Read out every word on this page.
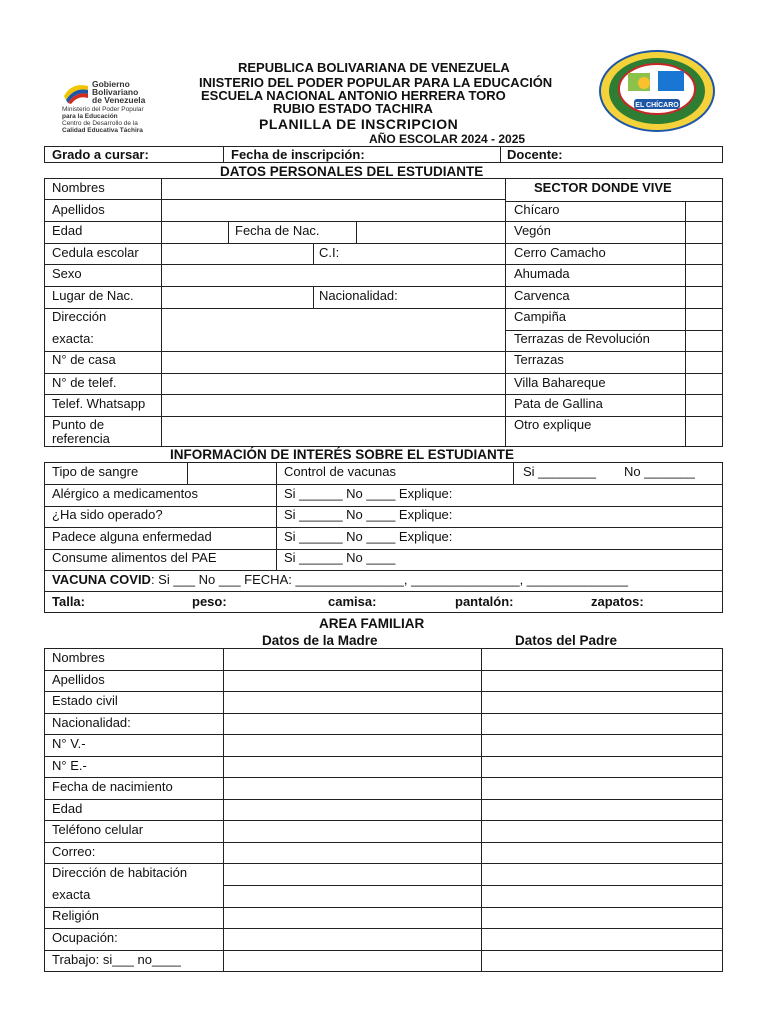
Gobierno
Bolivariano
de Venezuela
Ministerio del Poder Popular
para la Educación
Centro de Desarrollo de la
Calidad Educativa Táchira
REPUBLICA BOLIVARIANA DE VENEZUELA
INISTERIO DEL PODER POPULAR PARA LA EDUCACIÓN
ESCUELA NACIONAL ANTONIO HERRERA TORO
RUBIO ESTADO TACHIRA
PLANILLA DE INSCRIPCION
AÑO ESCOLAR 2024 - 2025
EL CHÍCARO
Grado a cursar:	Fecha de inscripción:	Docente:
DATOS PERSONALES DEL ESTUDIANTE
Nombres
Apellidos
Edad	Fecha de Nac.
Cedula escolar	C.I:
Sexo
Lugar de Nac.	Nacionalidad:
Dirección
exacta:
N° de casa
N° de telef.
Telef. Whatsapp
Punto de
referencia
SECTOR DONDE VIVE
Chícaro
Vegón
Cerro Camacho
Ahumada
Carvenca
Campiña
Terrazas de Revolución
Terrazas
Villa Bahareque
Pata de Gallina
Otro explique
INFORMACIÓN DE INTERÉS SOBRE EL ESTUDIANTE
Tipo de sangre	Control de vacunas	Si ________ No _______
Alérgico a medicamentos	Si ______ No ____ Explique:
¿Ha sido operado?	Si ______ No ____ Explique:
Padece alguna enfermedad	Si ______ No ____ Explique:
Consume alimentos del PAE	Si ______ No ____
VACUNA COVID: Si ___ No ___ FECHA: _______________, _______________, ______________
Talla:	peso:	camisa:	pantalón:	zapatos:
AREA FAMILIAR
Datos de la Madre	Datos del Padre
Nombres
Apellidos
Estado civil
Nacionalidad:
N° V.-
N° E.-
Fecha de nacimiento
Edad
Teléfono celular
Correo:
Dirección de habitación
exacta
Religión
Ocupación:
Trabajo: si___ no____
